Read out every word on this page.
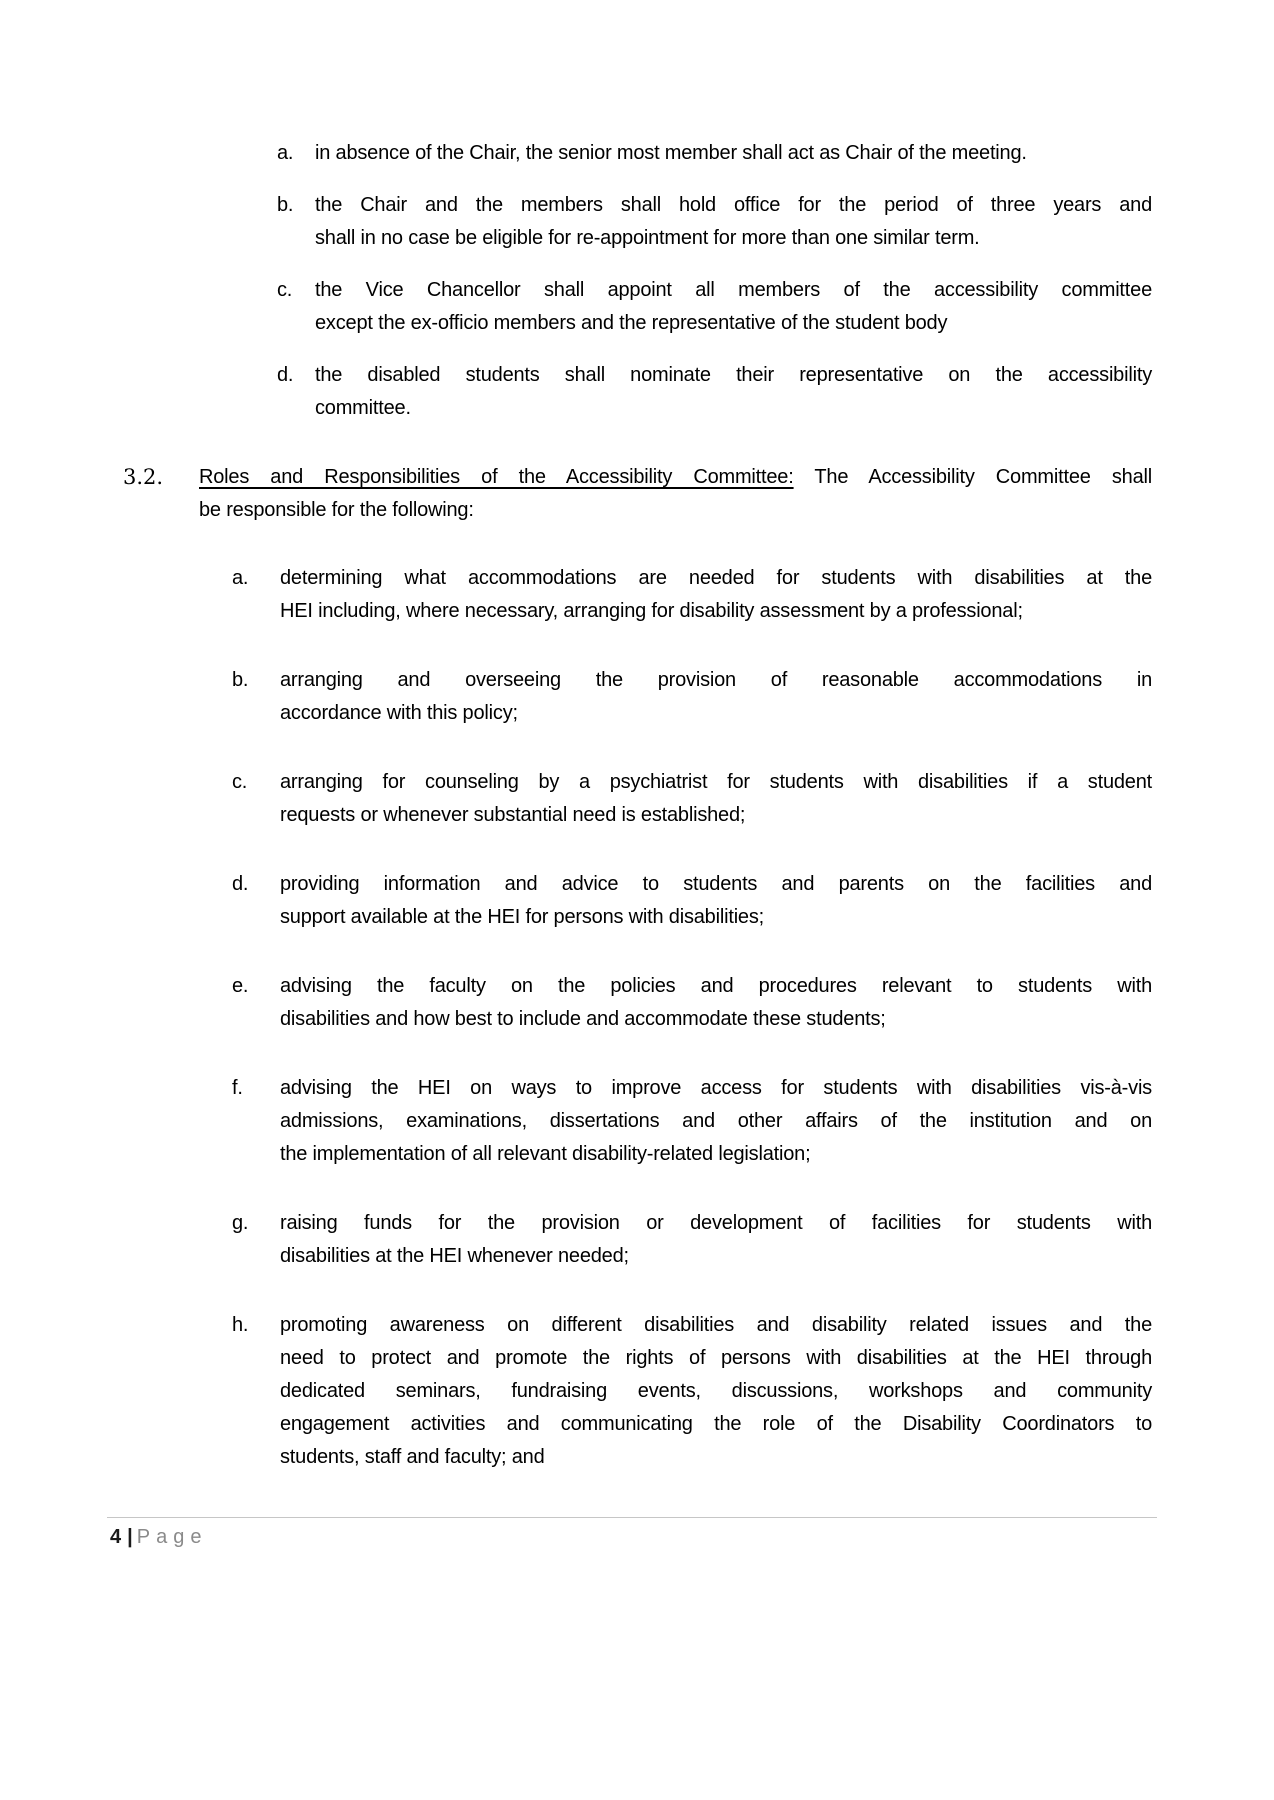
a. in absence of the Chair, the senior most member shall act as Chair of the meeting.
b. the Chair and the members shall hold office for the period of three years and
shall in no case be eligible for re-appointment for more than one similar term.
c. the Vice Chancellor shall appoint all members of the accessibility committee
except the ex-officio members and the representative of the student body
d. the disabled students shall nominate their representative on the accessibility
committee.
3.2. Roles and Responsibilities of the Accessibility Committee: The Accessibility Committee shall
be responsible for the following:
a. determining what accommodations are needed for students with disabilities at the
HEI including, where necessary, arranging for disability assessment by a professional;
b. arranging and overseeing the provision of reasonable accommodations in
accordance with this policy;
c. arranging for counseling by a psychiatrist for students with disabilities if a student
requests or whenever substantial need is established;
d. providing information and advice to students and parents on the facilities and
support available at the HEI for persons with disabilities;
e. advising the faculty on the policies and procedures relevant to students with
disabilities and how best to include and accommodate these students;
f. advising the HEI on ways to improve access for students with disabilities vis-à-vis
admissions, examinations, dissertations and other affairs of the institution and on
the implementation of all relevant disability-related legislation;
g. raising funds for the provision or development of facilities for students with
disabilities at the HEI whenever needed;
h. promoting awareness on different disabilities and disability related issues and the
need to protect and promote the rights of persons with disabilities at the HEI through
dedicated seminars, fundraising events, discussions, workshops and community
engagement activities and communicating the role of the Disability Coordinators to
students, staff and faculty; and
4 | Page
